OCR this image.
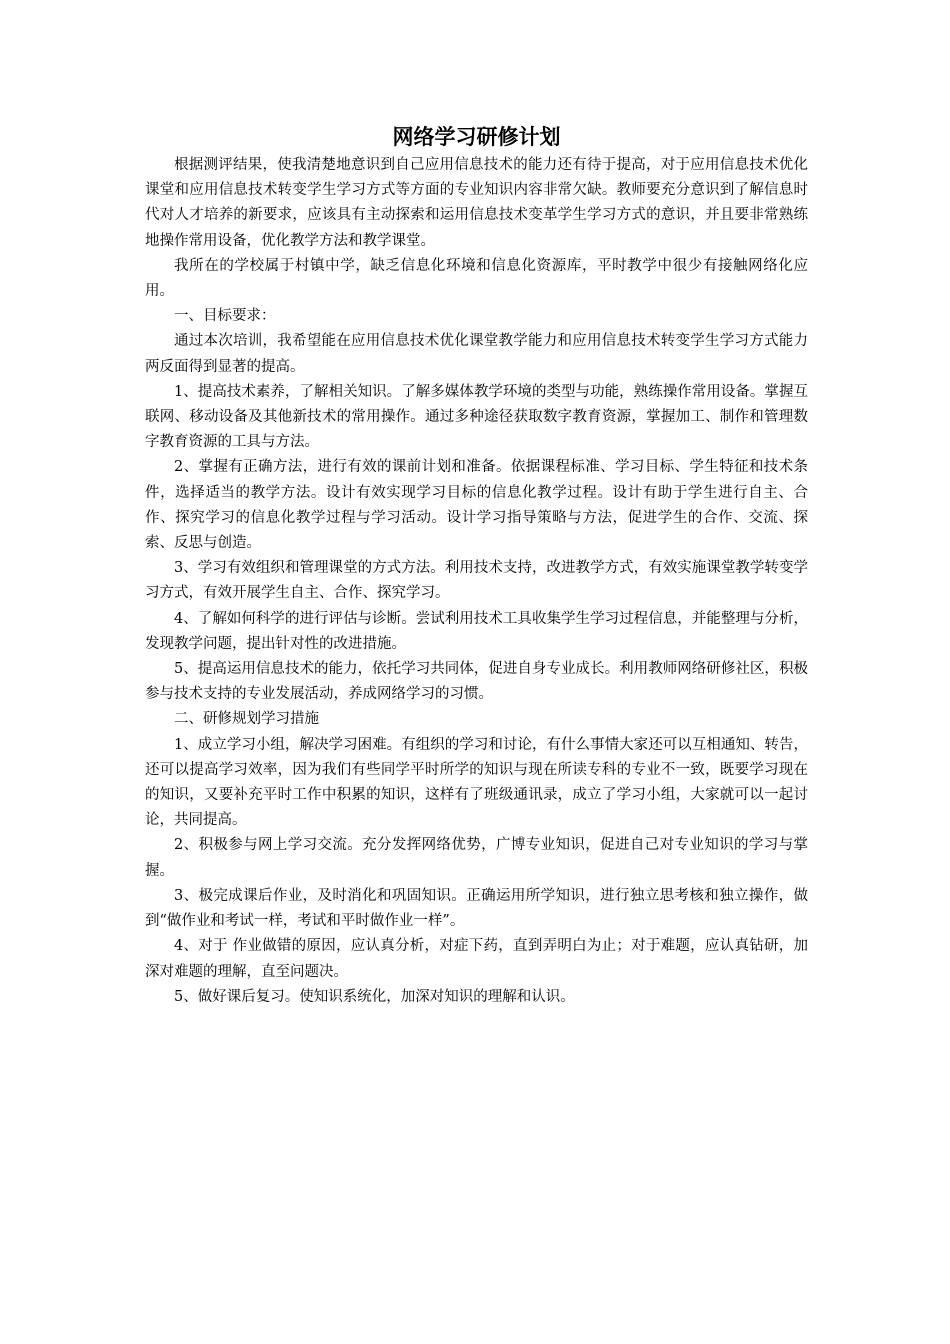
网络学习研修计划

根据测评结果，使我清楚地意识到自己应用信息技术的能力还有待于提高，对于应用信息技术优化课堂和应用信息技术转变学生学习方式等方面的专业知识内容非常欠缺。教师要充分意识到了解信息时代对人才培养的新要求，应该具有主动探索和运用信息技术变革学生学习方式的意识，并且要非常熟练地操作常用设备，优化教学方法和教学课堂。

我所在的学校属于村镇中学，缺乏信息化环境和信息化资源库，平时教学中很少有接触网络化应用。

一、目标要求：

通过本次培训，我希望能在应用信息技术优化课堂教学能力和应用信息技术转变学生学习方式能力两反面得到显著的提高。

1、提高技术素养，了解相关知识。了解多媒体教学环境的类型与功能，熟练操作常用设备。掌握互联网、移动设备及其他新技术的常用操作。通过多种途径获取数字教育资源，掌握加工、制作和管理数字教育资源的工具与方法。

2、掌握有正确方法，进行有效的课前计划和准备。依据课程标准、学习目标、学生特征和技术条件，选择适当的教学方法。设计有效实现学习目标的信息化教学过程。设计有助于学生进行自主、合作、探究学习的信息化教学过程与学习活动。设计学习指导策略与方法，促进学生的合作、交流、探索、反思与创造。

3、学习有效组织和管理课堂的方式方法。利用技术支持，改进教学方式，有效实施课堂教学转变学习方式，有效开展学生自主、合作、探究学习。

4、了解如何科学的进行评估与诊断。尝试利用技术工具收集学生学习过程信息，并能整理与分析，发现教学问题，提出针对性的改进措施。

5、提高运用信息技术的能力，依托学习共同体，促进自身专业成长。利用教师网络研修社区，积极参与技术支持的专业发展活动，养成网络学习的习惯。

二、研修规划学习措施

1、成立学习小组，解决学习困难。有组织的学习和讨论，有什么事情大家还可以互相通知、转告，还可以提高学习效率，因为我们有些同学平时所学的知识与现在所读专科的专业不一致，既要学习现在的知识，又要补充平时工作中积累的知识，这样有了班级通讯录，成立了学习小组，大家就可以一起讨论，共同提高。

2、积极参与网上学习交流。充分发挥网络优势，广博专业知识，促进自己对专业知识的学习与掌握。

3、极完成课后作业，及时消化和巩固知识。正确运用所学知识，进行独立思考核和独立操作，做到“做作业和考试一样，考试和平时做作业一样”。

4、对于 作业做错的原因，应认真分析，对症下药，直到弄明白为止；对于难题，应认真钻研，加深对难题的理解，直至问题决。

5、做好课后复习。使知识系统化，加深对知识的理解和认识。
